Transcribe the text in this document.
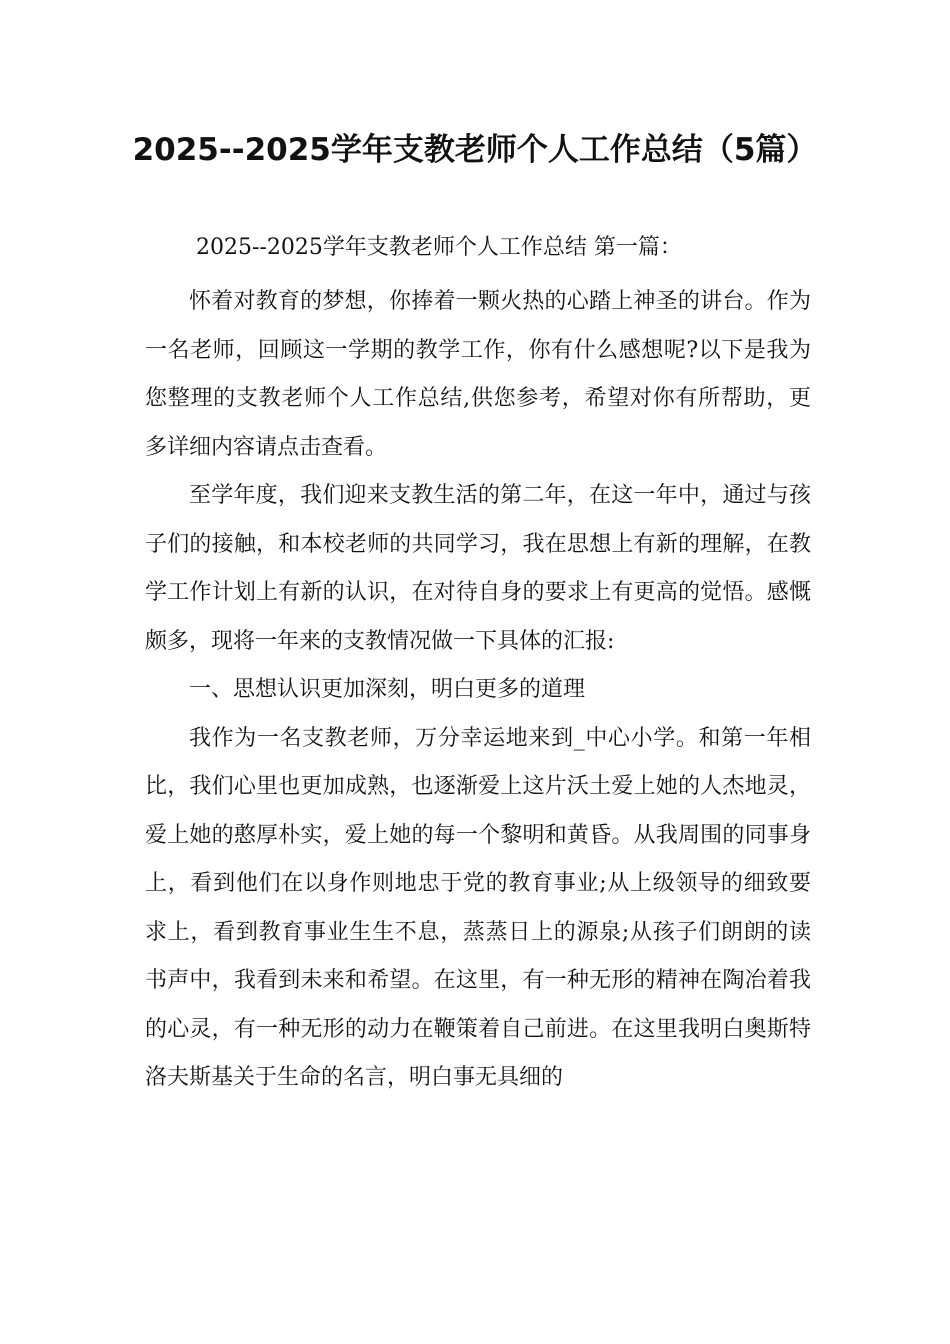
2025--2025学年支教老师个人工作总结（5篇）

2025--2025学年支教老师个人工作总结 第一篇：

怀着对教育的梦想，你捧着一颗火热的心踏上神圣的讲台。作为一名老师，回顾这一学期的教学工作，你有什么感想呢?以下是我为您整理的支教老师个人工作总结,供您参考，希望对你有所帮助，更多详细内容请点击查看。

至学年度，我们迎来支教生活的第二年，在这一年中，通过与孩子们的接触，和本校老师的共同学习，我在思想上有新的理解，在教学工作计划上有新的认识，在对待自身的要求上有更高的觉悟。感慨颇多，现将一年来的支教情况做一下具体的汇报:

一、思想认识更加深刻，明白更多的道理

我作为一名支教老师，万分幸运地来到_中心小学。和第一年相比，我们心里也更加成熟，也逐渐爱上这片沃土爱上她的人杰地灵，爱上她的憨厚朴实，爱上她的每一个黎明和黄昏。从我周围的同事身上，看到他们在以身作则地忠于党的教育事业;从上级领导的细致要求上，看到教育事业生生不息，蒸蒸日上的源泉;从孩子们朗朗的读书声中，我看到未来和希望。在这里，有一种无形的精神在陶冶着我的心灵，有一种无形的动力在鞭策着自己前进。在这里我明白奥斯特洛夫斯基关于生命的名言，明白事无具细的
